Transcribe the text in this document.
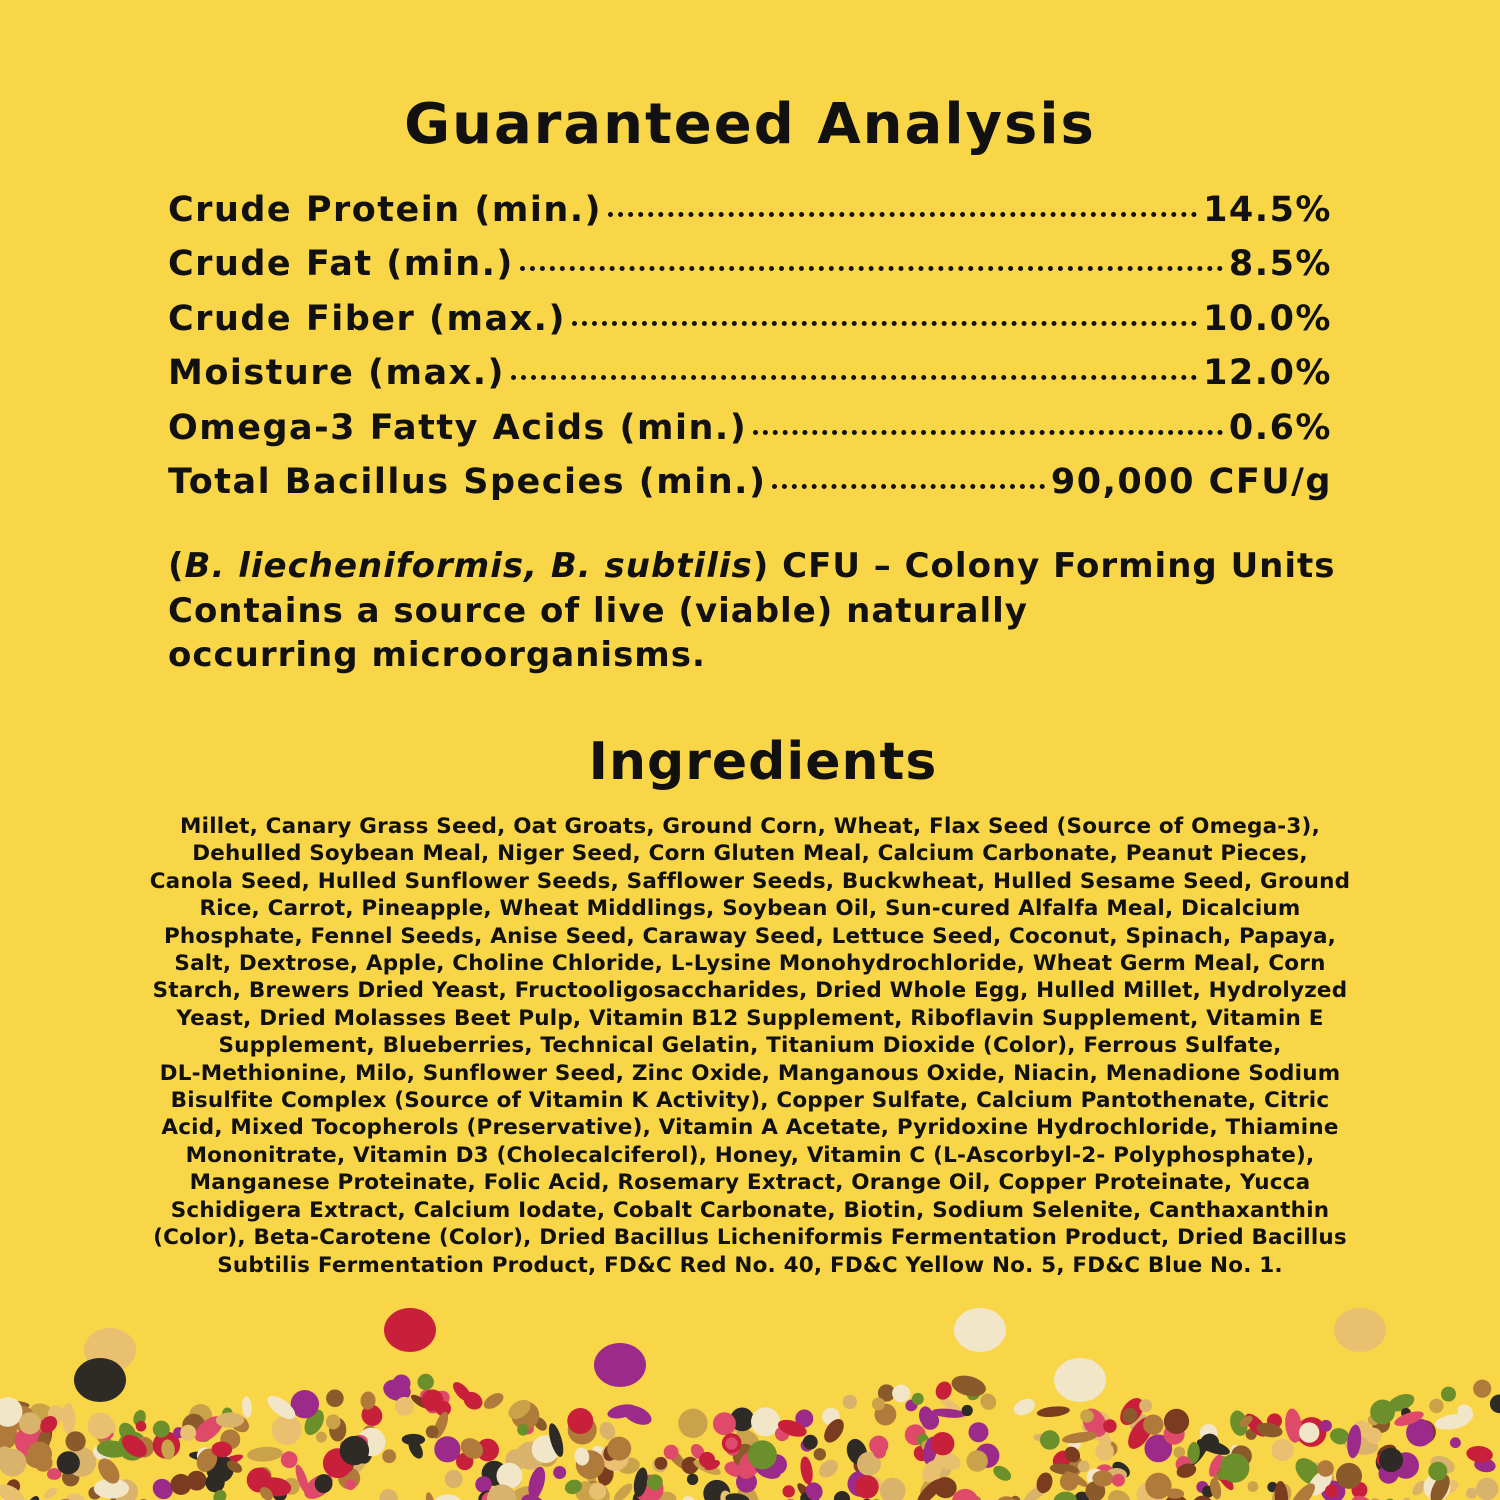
Guaranteed Analysis
Crude Protein (min.)	14.5%
Crude Fat (min.)	8.5%
Crude Fiber (max.)	10.0%
Moisture (max.)	12.0%
Omega-3 Fatty Acids (min.)	0.6%
Total Bacillus Species (min.)	90,000 CFU/g

(B. liecheniformis, B. subtilis) CFU – Colony Forming Units

Contains a source of live (viable) naturally

occurring microorganisms.

Ingredients
Millet, Canary Grass Seed, Oat Groats, Ground Corn, Wheat, Flax Seed (Source of Omega-3),
Dehulled Soybean Meal, Niger Seed, Corn Gluten Meal, Calcium Carbonate, Peanut Pieces,
Canola Seed, Hulled Sunflower Seeds, Safflower Seeds, Buckwheat, Hulled Sesame Seed, Ground
Rice, Carrot, Pineapple, Wheat Middlings, Soybean Oil, Sun-cured Alfalfa Meal, Dicalcium
Phosphate, Fennel Seeds, Anise Seed, Caraway Seed, Lettuce Seed, Coconut, Spinach, Papaya,
Salt, Dextrose, Apple, Choline Chloride, L-Lysine Monohydrochloride, Wheat Germ Meal, Corn
Starch, Brewers Dried Yeast, Fructooligosaccharides, Dried Whole Egg, Hulled Millet, Hydrolyzed
Yeast, Dried Molasses Beet Pulp, Vitamin B12 Supplement, Riboflavin Supplement, Vitamin E
Supplement, Blueberries, Technical Gelatin, Titanium Dioxide (Color), Ferrous Sulfate,
DL-Methionine, Milo, Sunflower Seed, Zinc Oxide, Manganous Oxide, Niacin, Menadione Sodium
Bisulfite Complex (Source of Vitamin K Activity), Copper Sulfate, Calcium Pantothenate, Citric
Acid, Mixed Tocopherols (Preservative), Vitamin A Acetate, Pyridoxine Hydrochloride, Thiamine
Mononitrate, Vitamin D3 (Cholecalciferol), Honey, Vitamin C (L-Ascorbyl-2- Polyphosphate),
Manganese Proteinate, Folic Acid, Rosemary Extract, Orange Oil, Copper Proteinate, Yucca
Schidigera Extract, Calcium Iodate, Cobalt Carbonate, Biotin, Sodium Selenite, Canthaxanthin
(Color), Beta-Carotene (Color), Dried Bacillus Licheniformis Fermentation Product, Dried Bacillus
Subtilis Fermentation Product, FD&C Red No. 40, FD&C Yellow No. 5, FD&C Blue No. 1.
